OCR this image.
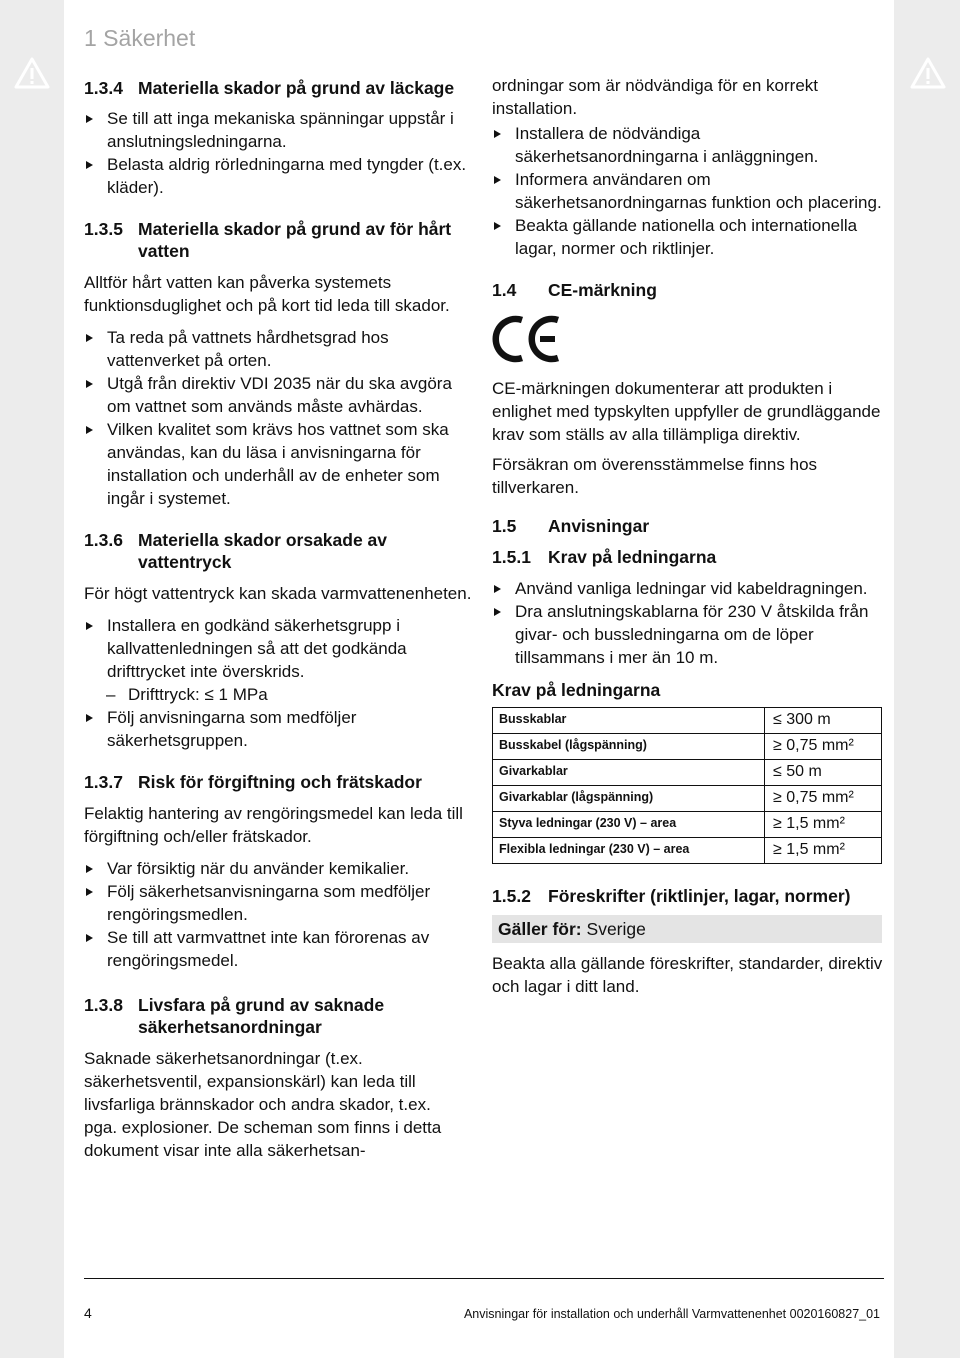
1 Säkerhet
1.3.4 Materiella skador på grund av läckage
Se till att inga mekaniska spänningar uppstår i anslutningsledningarna.
Belasta aldrig rörledningarna med tyngder (t.ex. kläder).
1.3.5 Materiella skador på grund av för hårt vatten
Alltför hårt vatten kan påverka systemets funktionsduglighet och på kort tid leda till skador.
Ta reda på vattnets hårdhetsgrad hos vattenverket på orten.
Utgå från direktiv VDI 2035 när du ska avgöra om vattnet som används måste avhärdas.
Vilken kvalitet som krävs hos vattnet som ska användas, kan du läsa i anvisningarna för installation och underhåll av de enheter som ingår i systemet.
1.3.6 Materiella skador orsakade av vattentryck
För högt vattentryck kan skada varmvattenenheten.
Installera en godkänd säkerhetsgrupp i kallvattenledningen så att det godkända drifttrycket inte överskrids.
– Drifttryck: ≤ 1 MPa
Följ anvisningarna som medföljer säkerhetsgruppen.
1.3.7 Risk för förgiftning och frätskador
Felaktig hantering av rengöringsmedel kan leda till förgiftning och/eller frätskador.
Var försiktig när du använder kemikalier.
Följ säkerhetsanvisningarna som medföljer rengöringsmedlen.
Se till att varmvattnet inte kan förorenas av rengöringsmedel.
1.3.8 Livsfara på grund av saknade säkerhetsanordningar
Saknade säkerhetsanordningar (t.ex. säkerhetsventil, expansionskärl) kan leda till livsfarliga brännskador och andra skador, t.ex. pga. explosioner. De scheman som finns i detta dokument visar inte alla säkerhetsan-
ordningar som är nödvändiga för en korrekt installation.
Installera de nödvändiga säkerhetsanordningarna i anläggningen.
Informera användaren om säkerhetsanordningarnas funktion och placering.
Beakta gällande nationella och internationella lagar, normer och riktlinjer.
1.4 CE-märkning
CE-märkningen dokumenterar att produkten i enlighet med typskylten uppfyller de grundläggande krav som ställs av alla tillämpliga direktiv.
Försäkran om överensstämmelse finns hos tillverkaren.
1.5 Anvisningar
1.5.1 Krav på ledningarna
Använd vanliga ledningar vid kabeldragningen.
Dra anslutningskablarna för 230 V åtskilda från givar- och bussledningarna om de löper tillsammans i mer än 10 m.
Krav på ledningarna
Busskablar	≤ 300 m
Busskabel (lågspänning)	≥ 0,75 mm²
Givarkablar	≤ 50 m
Givarkablar (lågspänning)	≥ 0,75 mm²
Styva ledningar (230 V) – area	≥ 1,5 mm²
Flexibla ledningar (230 V) – area	≥ 1,5 mm²
1.5.2 Föreskrifter (riktlinjer, lagar, normer)
Gäller för: Sverige
Beakta alla gällande föreskrifter, standarder, direktiv och lagar i ditt land.
4	Anvisningar för installation och underhåll Varmvattenenhet 0020160827_01
